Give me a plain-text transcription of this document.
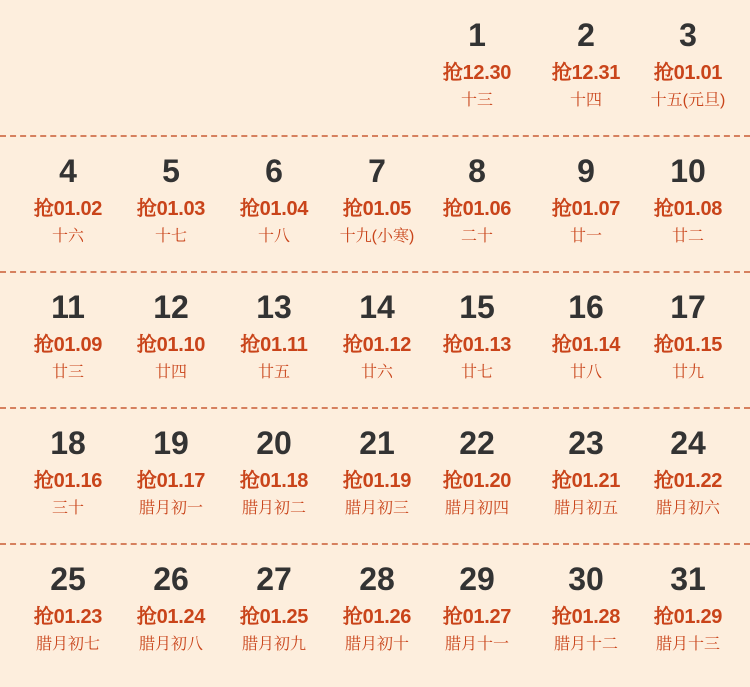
1
抢12.30
十三
2
抢12.31
十四
3
抢01.01
十五(元旦)
4
抢01.02
十六
5
抢01.03
十七
6
抢01.04
十八
7
抢01.05
十九(小寒)
8
抢01.06
二十
9
抢01.07
廿一
10
抢01.08
廿二
11
抢01.09
廿三
12
抢01.10
廿四
13
抢01.11
廿五
14
抢01.12
廿六
15
抢01.13
廿七
16
抢01.14
廿八
17
抢01.15
廿九
18
抢01.16
三十
19
抢01.17
腊月初一
20
抢01.18
腊月初二
21
抢01.19
腊月初三
22
抢01.20
腊月初四
23
抢01.21
腊月初五
24
抢01.22
腊月初六
25
抢01.23
腊月初七
26
抢01.24
腊月初八
27
抢01.25
腊月初九
28
抢01.26
腊月初十
29
抢01.27
腊月十一
30
抢01.28
腊月十二
31
抢01.29
腊月十三
